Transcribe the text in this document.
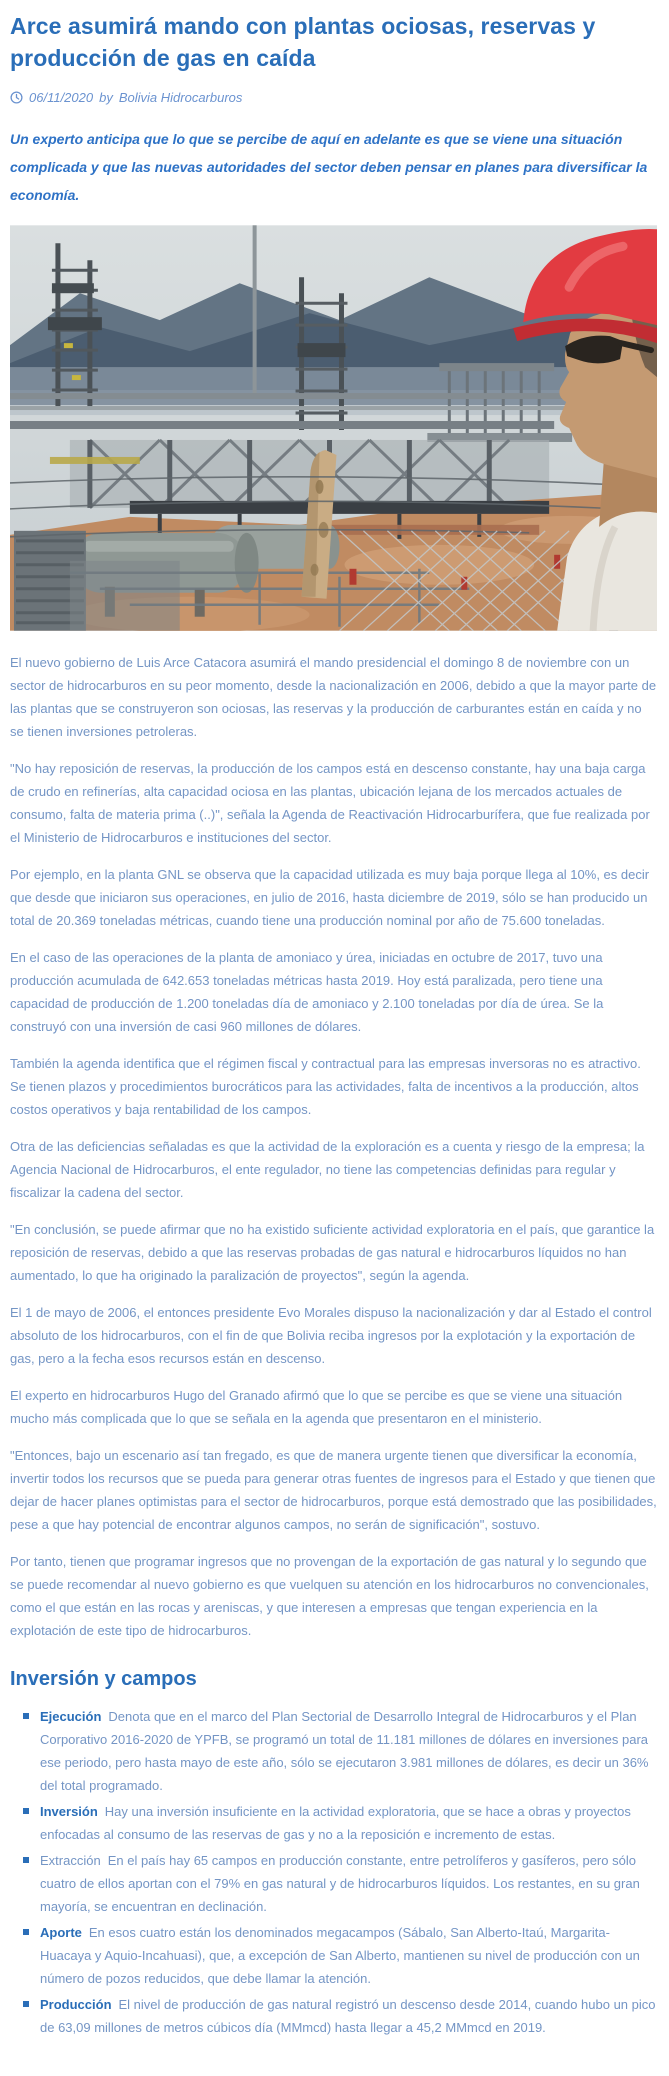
Arce asumirá mando con plantas ociosas, reservas y producción de gas en caída
06/11/2020 by Bolivia Hidrocarburos

Un experto anticipa que lo que se percibe de aquí en adelante es que se viene una situación complicada y que las nuevas autoridades del sector deben pensar en planes para diversificar la economía.

El nuevo gobierno de Luis Arce Catacora asumirá el mando presidencial el domingo 8 de noviembre con un sector de hidrocarburos en su peor momento, desde la nacionalización en 2006, debido a que la mayor parte de las plantas que se construyeron son ociosas, las reservas y la producción de carburantes están en caída y no se tienen inversiones petroleras.

"No hay reposición de reservas, la producción de los campos está en descenso constante, hay una baja carga de crudo en refinerías, alta capacidad ociosa en las plantas, ubicación lejana de los mercados actuales de consumo, falta de materia prima (..)", señala la Agenda de Reactivación Hidrocarburífera, que fue realizada por el Ministerio de Hidrocarburos e instituciones del sector.

Por ejemplo, en la planta GNL se observa que la capacidad utilizada es muy baja porque llega al 10%, es decir que desde que iniciaron sus operaciones, en julio de 2016, hasta diciembre de 2019, sólo se han producido un total de 20.369 toneladas métricas, cuando tiene una producción nominal por año de 75.600 toneladas.

En el caso de las operaciones de la planta de amoniaco y úrea, iniciadas en octubre de 2017, tuvo una producción acumulada de 642.653 toneladas métricas hasta 2019. Hoy está paralizada, pero tiene una capacidad de producción de 1.200 toneladas día de amoniaco y 2.100 toneladas por día de úrea. Se la construyó con una inversión de casi 960 millones de dólares.

También la agenda identifica que el régimen fiscal y contractual para las empresas inversoras no es atractivo. Se tienen plazos y procedimientos burocráticos para las actividades, falta de incentivos a la producción, altos costos operativos y baja rentabilidad de los campos.

Otra de las deficiencias señaladas es que la actividad de la exploración es a cuenta y riesgo de la empresa; la Agencia Nacional de Hidrocarburos, el ente regulador, no tiene las competencias definidas para regular y fiscalizar la cadena del sector.

"En conclusión, se puede afirmar que no ha existido suficiente actividad exploratoria en el país, que garantice la reposición de reservas, debido a que las reservas probadas de gas natural e hidrocarburos líquidos no han aumentado, lo que ha originado la paralización de proyectos", según la agenda.

El 1 de mayo de 2006, el entonces presidente Evo Morales dispuso la nacionalización y dar al Estado el control absoluto de los hidrocarburos, con el fin de que Bolivia reciba ingresos por la explotación y la exportación de gas, pero a la fecha esos recursos están en descenso.

El experto en hidrocarburos Hugo del Granado afirmó que lo que se percibe es que se viene una situación mucho más complicada que lo que se señala en la agenda que presentaron en el ministerio.

"Entonces, bajo un escenario así tan fregado, es que de manera urgente tienen que diversificar la economía, invertir todos los recursos que se pueda para generar otras fuentes de ingresos para el Estado y que tienen que dejar de hacer planes optimistas para el sector de hidrocarburos, porque está demostrado que las posibilidades, pese a que hay potencial de encontrar algunos campos, no serán de significación", sostuvo.

Por tanto, tienen que programar ingresos que no provengan de la exportación de gas natural y lo segundo que se puede recomendar al nuevo gobierno es que vuelquen su atención en los hidrocarburos no convencionales, como el que están en las rocas y areniscas, y que interesen a empresas que tengan experiencia en la explotación de este tipo de hidrocarburos.

Inversión y campos
Ejecución Denota que en el marco del Plan Sectorial de Desarrollo Integral de Hidrocarburos y el Plan Corporativo 2016-2020 de YPFB, se programó un total de 11.181 millones de dólares en inversiones para ese periodo, pero hasta mayo de este año, sólo se ejecutaron 3.981 millones de dólares, es decir un 36% del total programado.
Inversión Hay una inversión insuficiente en la actividad exploratoria, que se hace a obras y proyectos enfocadas al consumo de las reservas de gas y no a la reposición e incremento de estas.
Extracción En el país hay 65 campos en producción constante, entre petrolíferos y gasíferos, pero sólo cuatro de ellos aportan con el 79% en gas natural y de hidrocarburos líquidos. Los restantes, en su gran mayoría, se encuentran en declinación.
Aporte En esos cuatro están los denominados megacampos (Sábalo, San Alberto-Itaú, Margarita-Huacaya y Aquio-Incahuasi), que, a excepción de San Alberto, mantienen su nivel de producción con un número de pozos reducidos, que debe llamar la atención.
Producción El nivel de producción de gas natural registró un descenso desde 2014, cuando hubo un pico de 63,09 millones de metros cúbicos día (MMmcd) hasta llegar a 45,2 MMmcd en 2019.
